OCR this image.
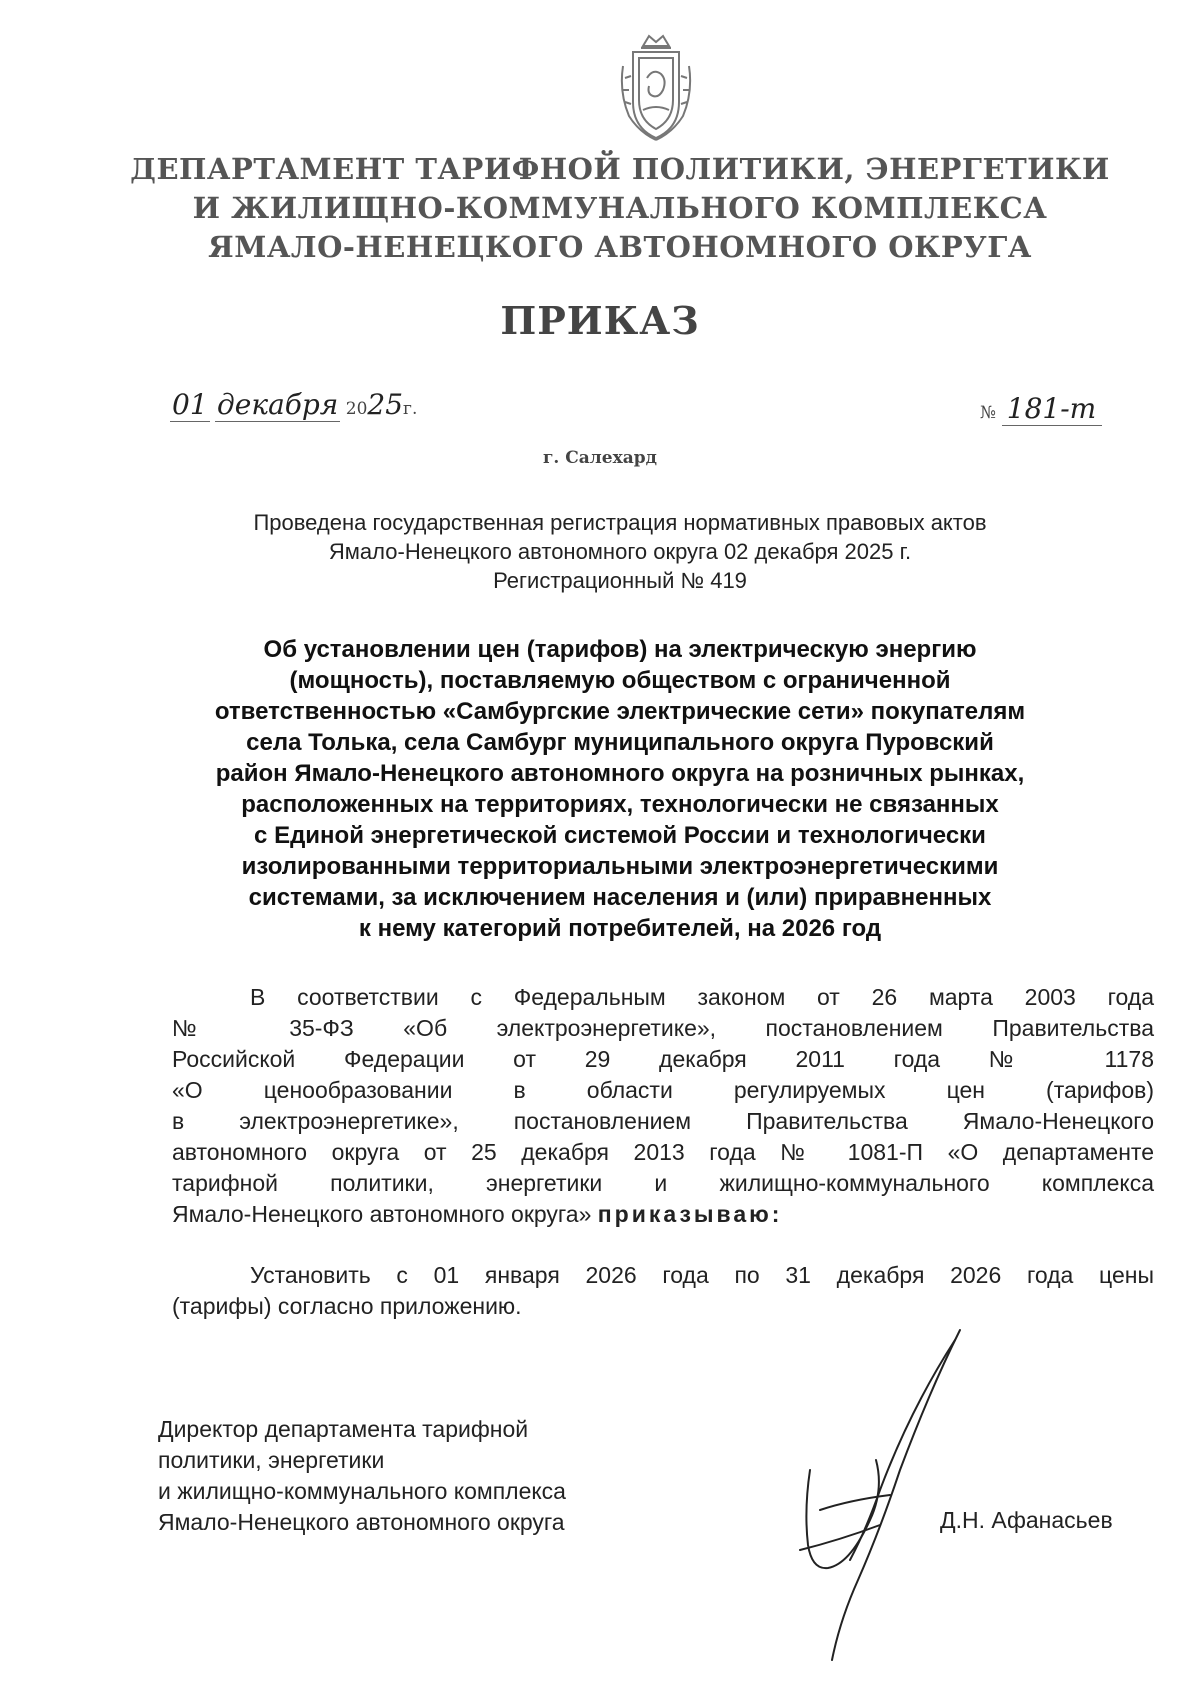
ДЕПАРТАМЕНТ ТАРИФНОЙ ПОЛИТИКИ, ЭНЕРГЕТИКИ
И ЖИЛИЩНО-КОММУНАЛЬНОГО КОМПЛЕКСА
ЯМАЛО-НЕНЕЦКОГО АВТОНОМНОГО ОКРУГА
ПРИКАЗ
01 декабря 2025г.	№ 181-т
г. Салехард
Проведена государственная регистрация нормативных правовых актов
Ямало-Ненецкого автономного округа 02 декабря 2025 г.
Регистрационный № 419
Об установлении цен (тарифов) на электрическую энергию
(мощность), поставляемую обществом с ограниченной
ответственностью «Самбургские электрические сети» покупателям
села Толька, села Самбург муниципального округа Пуровский
район Ямало-Ненецкого автономного округа на розничных рынках,
расположенных на территориях, технологически не связанных
с Единой энергетической системой России и технологически
изолированными территориальными электроэнергетическими
системами, за исключением населения и (или) приравненных
к нему категорий потребителей, на 2026 год
В соответствии с Федеральным законом от 26 марта 2003 года
№ 35-ФЗ «Об электроэнергетике», постановлением Правительства
Российской Федерации от 29 декабря 2011 года № 1178
«О ценообразовании в области регулируемых цен (тарифов)
в электроэнергетике», постановлением Правительства Ямало-Ненецкого
автономного округа от 25 декабря 2013 года № 1081-П «О департаменте
тарифной политики, энергетики и жилищно-коммунального комплекса
Ямало-Ненецкого автономного округа» приказываю:
Установить с 01 января 2026 года по 31 декабря 2026 года цены
(тарифы) согласно приложению.
Директор департамента тарифной
политики, энергетики
и жилищно-коммунального комплекса
Ямало-Ненецкого автономного округа	Д.Н. Афанасьев
